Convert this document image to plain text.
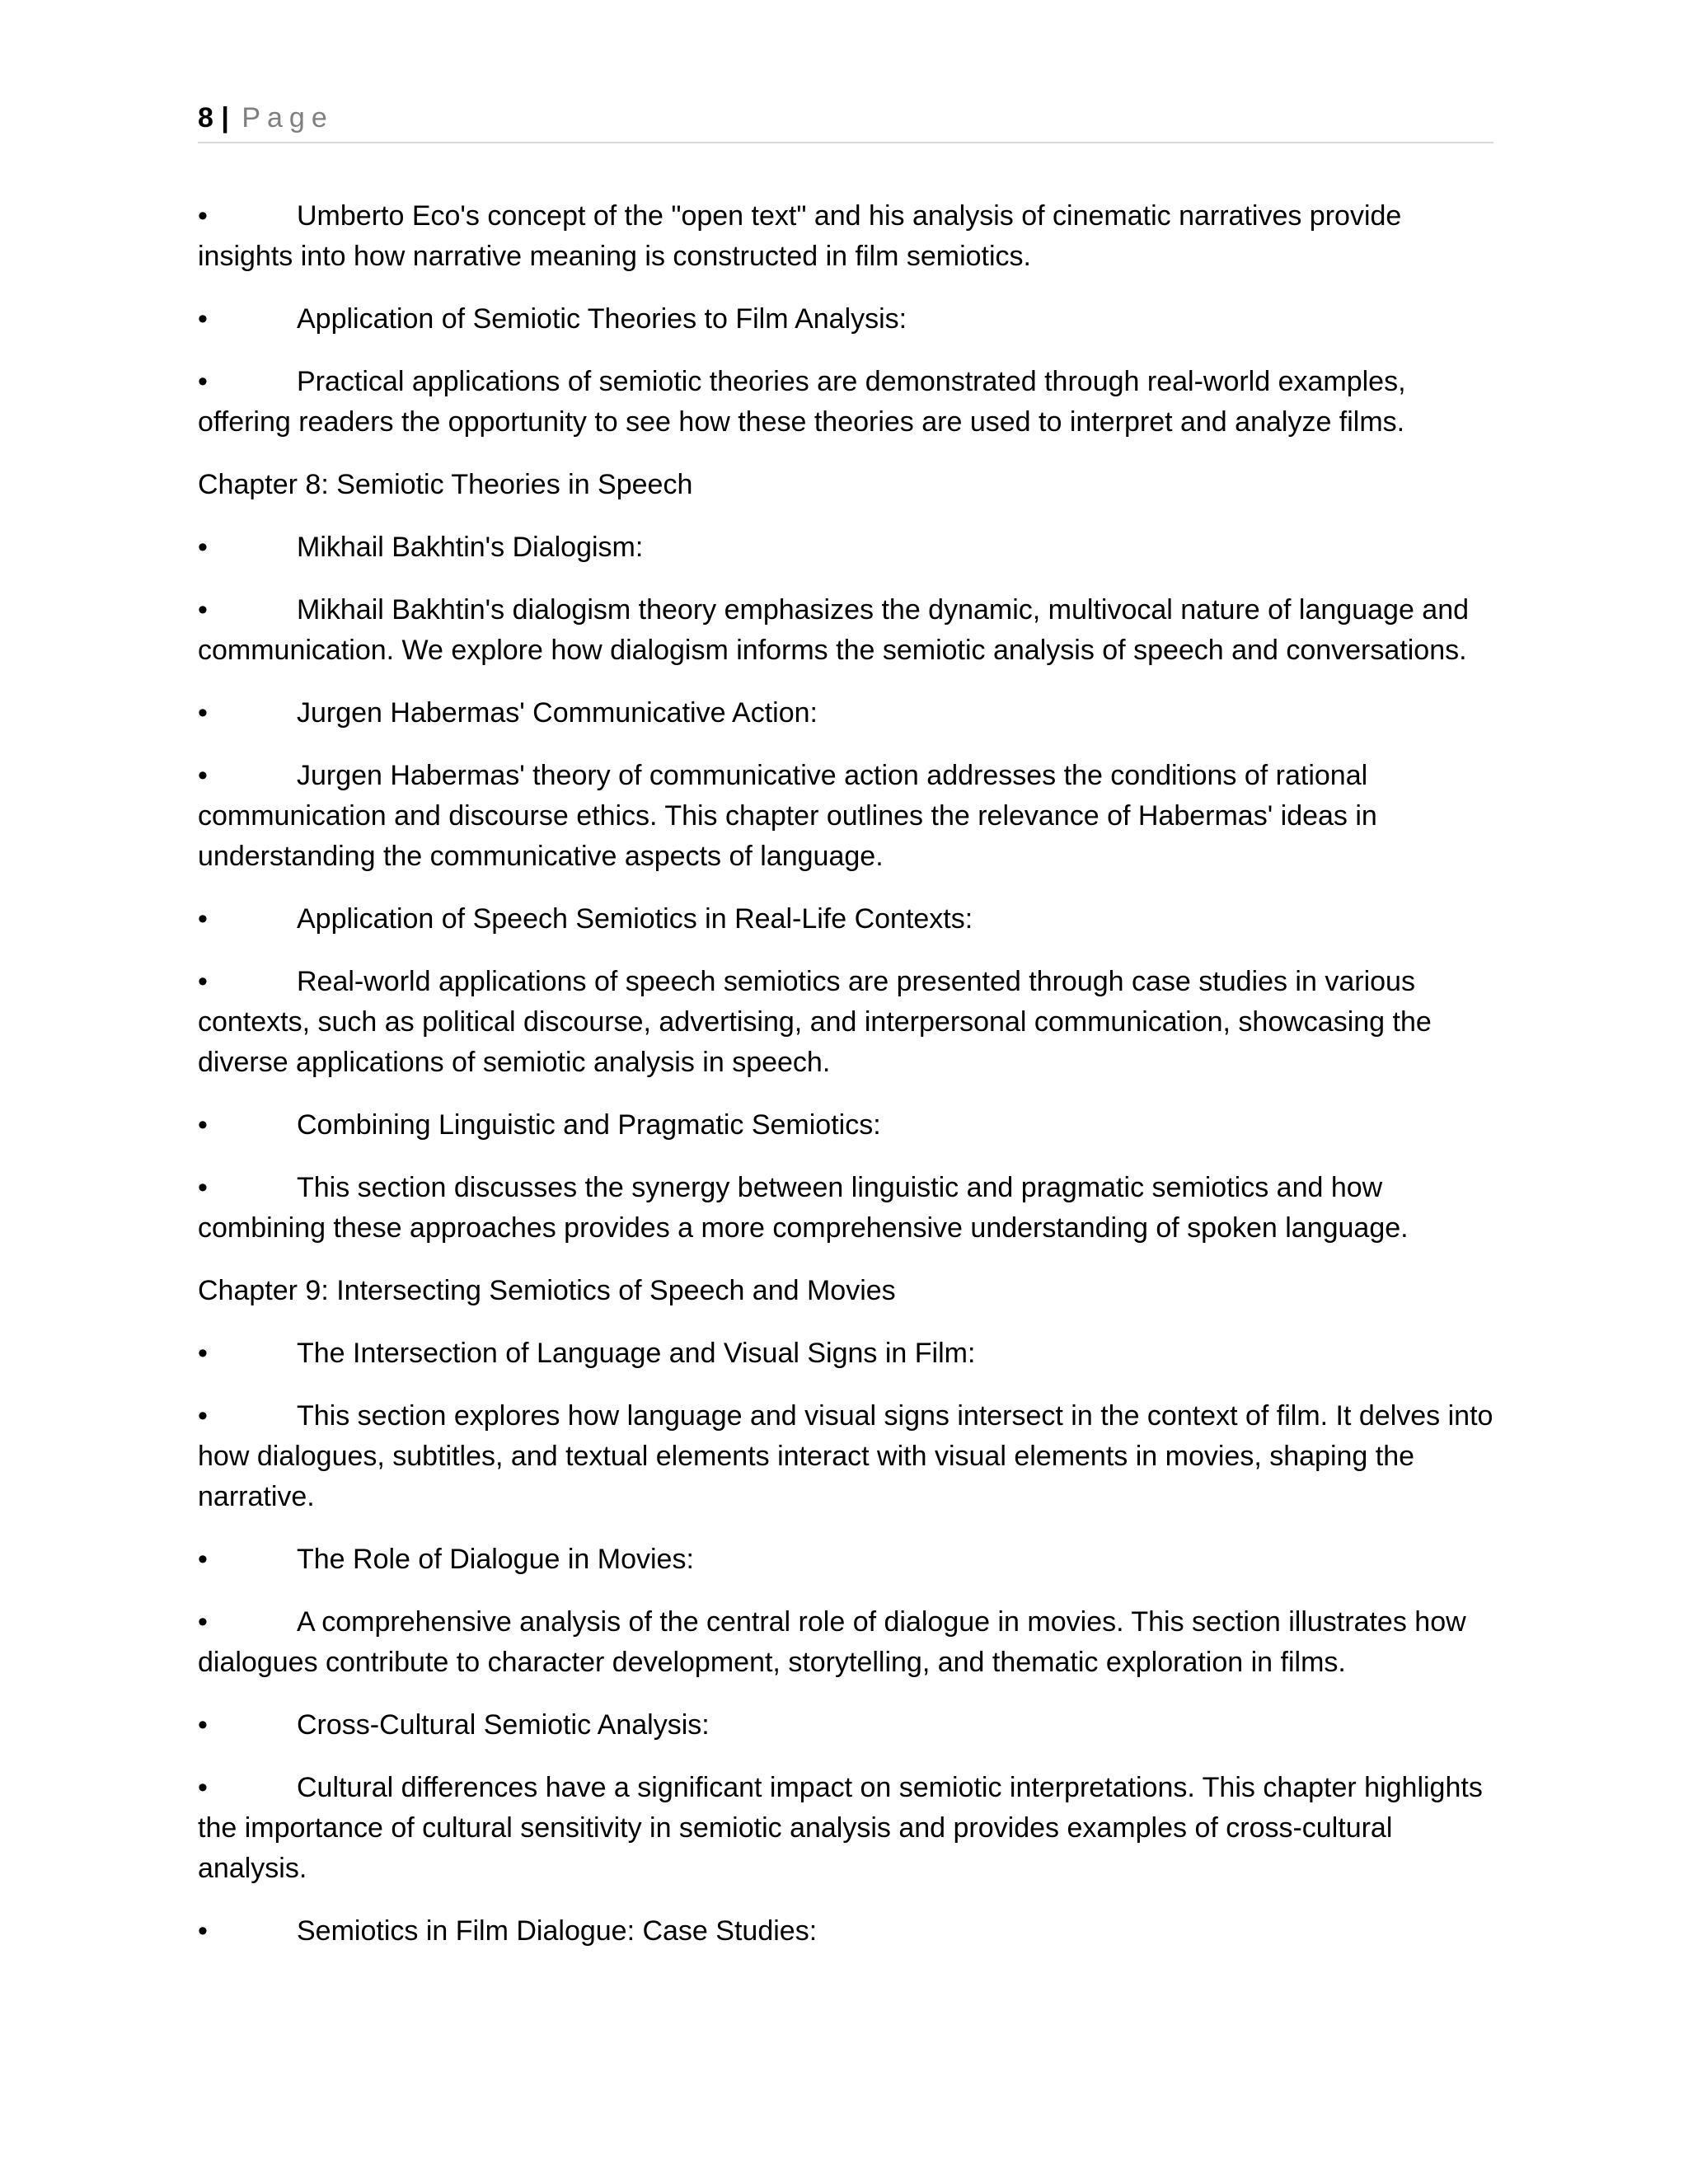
8 | Page

•	Umberto Eco's concept of the "open text" and his analysis of cinematic narratives provide insights into how narrative meaning is constructed in film semiotics.

•	Application of Semiotic Theories to Film Analysis:

•	Practical applications of semiotic theories are demonstrated through real-world examples, offering readers the opportunity to see how these theories are used to interpret and analyze films.

Chapter 8: Semiotic Theories in Speech

•	Mikhail Bakhtin's Dialogism:

•	Mikhail Bakhtin's dialogism theory emphasizes the dynamic, multivocal nature of language and communication. We explore how dialogism informs the semiotic analysis of speech and conversations.

•	Jurgen Habermas' Communicative Action:

•	Jurgen Habermas' theory of communicative action addresses the conditions of rational communication and discourse ethics. This chapter outlines the relevance of Habermas' ideas in understanding the communicative aspects of language.

•	Application of Speech Semiotics in Real-Life Contexts:

•	Real-world applications of speech semiotics are presented through case studies in various contexts, such as political discourse, advertising, and interpersonal communication, showcasing the diverse applications of semiotic analysis in speech.

•	Combining Linguistic and Pragmatic Semiotics:

•	This section discusses the synergy between linguistic and pragmatic semiotics and how combining these approaches provides a more comprehensive understanding of spoken language.

Chapter 9: Intersecting Semiotics of Speech and Movies

•	The Intersection of Language and Visual Signs in Film:

•	This section explores how language and visual signs intersect in the context of film. It delves into how dialogues, subtitles, and textual elements interact with visual elements in movies, shaping the narrative.

•	The Role of Dialogue in Movies:

•	A comprehensive analysis of the central role of dialogue in movies. This section illustrates how dialogues contribute to character development, storytelling, and thematic exploration in films.

•	Cross-Cultural Semiotic Analysis:

•	Cultural differences have a significant impact on semiotic interpretations. This chapter highlights the importance of cultural sensitivity in semiotic analysis and provides examples of cross-cultural analysis.

•	Semiotics in Film Dialogue: Case Studies:
